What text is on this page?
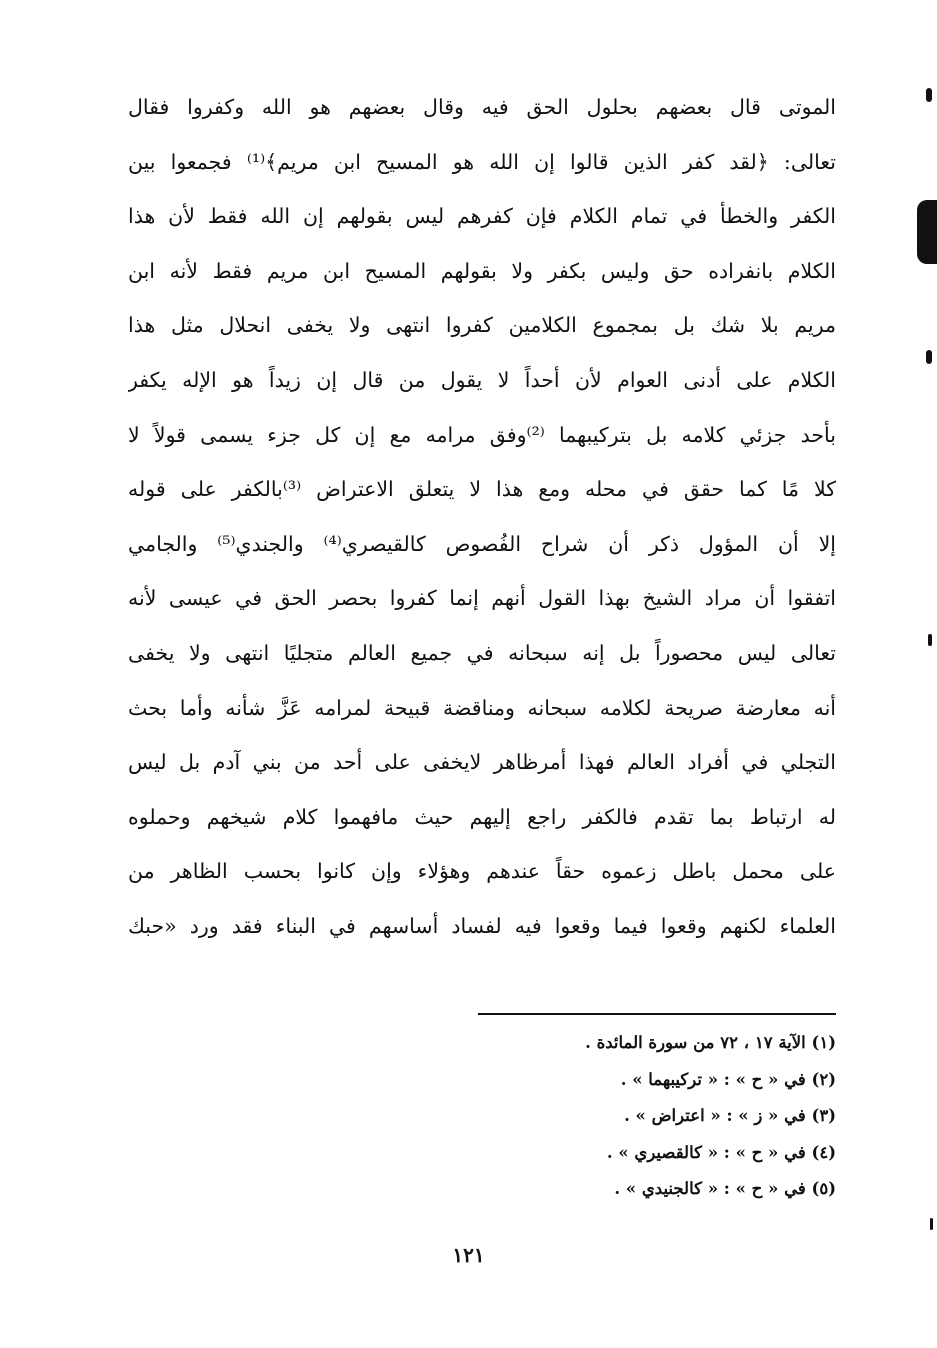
الموتى قال بعضهم بحلول الحق فيه وقال بعضهم هو الله وكفروا فقال
تعالى: ﴿لقد كفر الذين قالوا إن الله هو المسيح ابن مريم﴾⁽¹⁾ فجمعوا بين
الكفر والخطأ في تمام الكلام فإن كفرهم ليس بقولهم إن الله فقط لأن هذا
الكلام بانفراده حق وليس بكفر ولا بقولهم المسيح ابن مريم فقط لأنه ابن
مريم بلا شك بل بمجموع الكلامين كفروا انتهى ولا يخفى انحلال مثل هذا
الكلام على أدنى العوام لأن أحداً لا يقول من قال إن زيداً هو الإله يكفر
بأحد جزئي كلامه بل بتركيبهما ⁽²⁾وفق مرامه مع إن كل جزء يسمى قولاً لا
كلا مًا كما حقق في محله ومع هذا لا يتعلق الاعتراض ⁽³⁾بالكفر على قوله
إلا أن المؤول ذكر أن شراح الفُصوص كالقيصري⁽⁴⁾ والجندي⁽⁵⁾ والجامي
اتفقوا أن مراد الشيخ بهذا القول أنهم إنما كفروا بحصر الحق في عيسى لأنه
تعالى ليس محصوراً بل إنه سبحانه في جميع العالم متجليًا انتهى ولا يخفى
أنه معارضة صريحة لكلامه سبحانه ومناقضة قبيحة لمرامه عَزَّ شأنه وأما بحث
التجلي في أفراد العالم فهذا أمرظاهر لايخفى على أحد من بني آدم بل ليس
له ارتباط بما تقدم فالكفر راجع إليهم حيث مافهموا كلام شيخهم وحملوه
على محمل باطل زعموه حقاً عندهم وهؤلاء وإن كانوا بحسب الظاهر من
العلماء لكنهم وقعوا فيما وقعوا فيه لفساد أساسهم في البناء فقد ورد «حبك
(١) الآية ١٧ ، ٧٢ من سورة المائدة .
(٢) في « ح » : « تركيبهما » .
(٣) في « ز » : « اعتراض » .
(٤) في « ح » : « كالقصيري » .
(٥) في « ح » : « كالجنيدي » .
١٢١
